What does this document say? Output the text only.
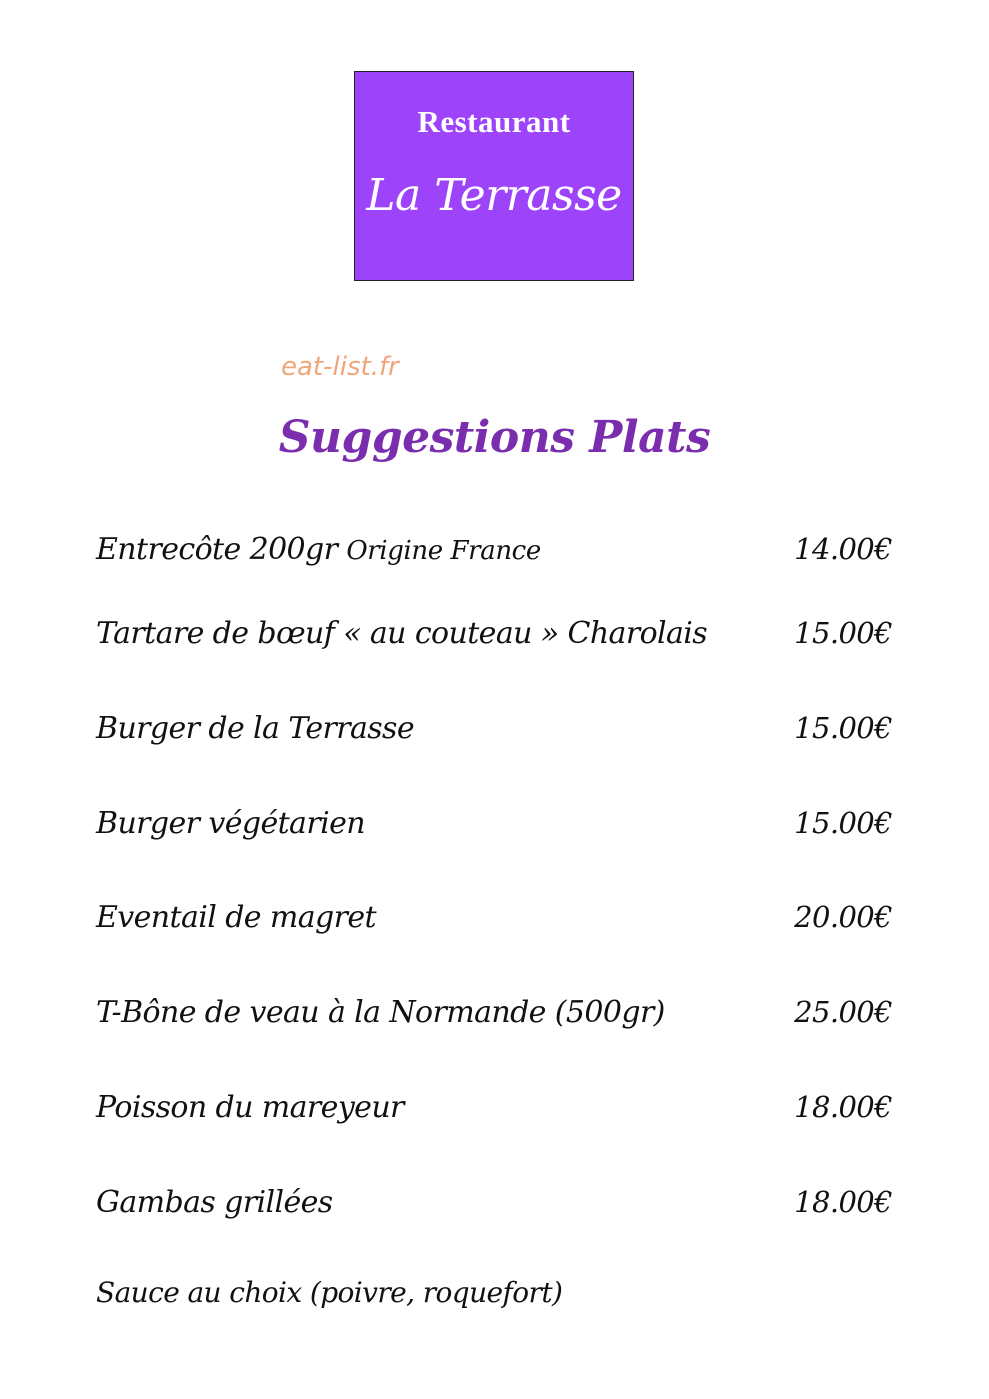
Restaurant
La Terrasse
eat-list.fr
Suggestions Plats
Entrecôte 200gr Origine France	14.00€
Tartare de bœuf « au couteau » Charolais	15.00€
Burger de la Terrasse	15.00€
Burger végétarien	15.00€
Eventail de magret	20.00€
T-Bône de veau à la Normande (500gr)	25.00€
Poisson du mareyeur	18.00€
Gambas grillées	18.00€
Sauce au choix (poivre, roquefort)
